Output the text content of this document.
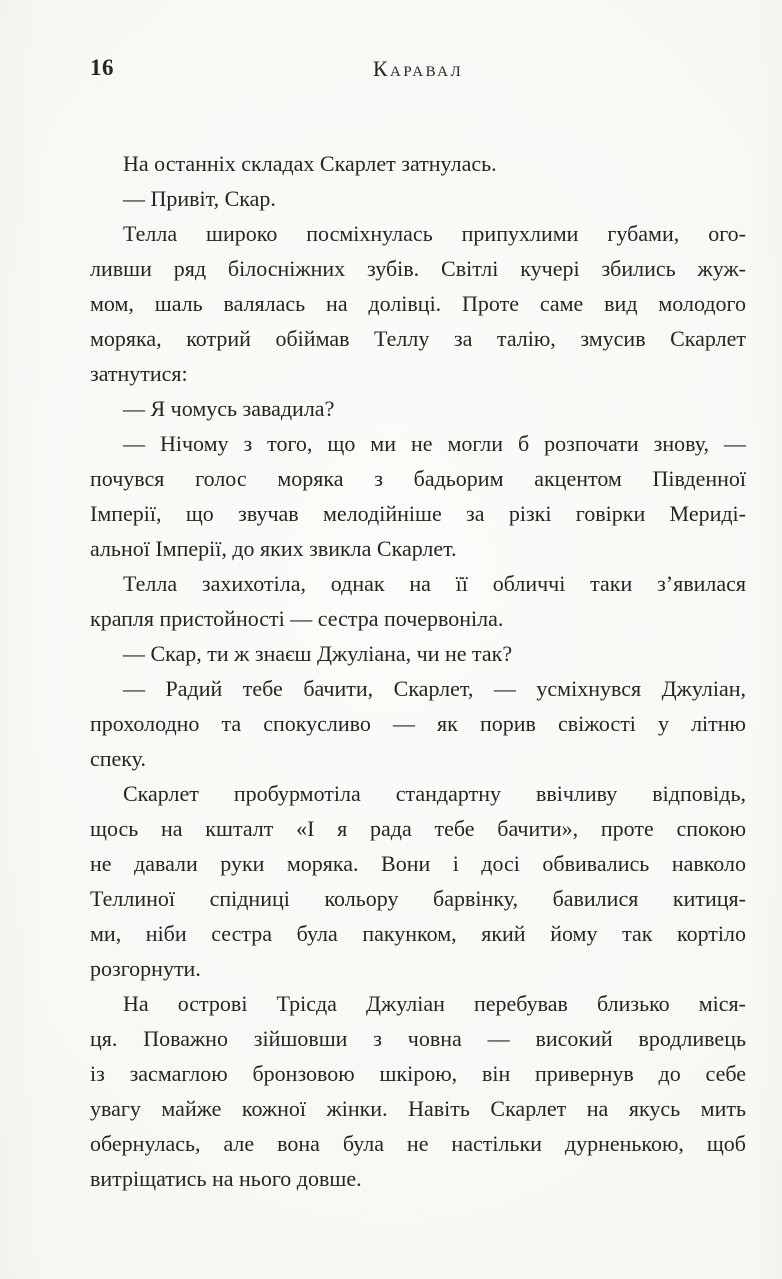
16	Каравал

На останніх складах Скарлет затнулась.

— Привіт, Скар.

Телла широко посміхнулась припухлими губами, ого-
ливши ряд білосніжних зубів. Світлі кучері збились жуж-
мом, шаль валялась на долівці. Проте саме вид молодого
моряка, котрий обіймав Теллу за талію, змусив Скарлет
затнутися:

— Я чомусь завадила?

— Нічому з того, що ми не могли б розпочати знову, —
почувся голос моряка з бадьорим акцентом Південної
Імперії, що звучав мелодійніше за різкі говірки Мериді-
альної Імперії, до яких звикла Скарлет.

Телла захихотіла, однак на її обличчі таки з’явилася
крапля пристойності — сестра почервоніла.

— Скар, ти ж знаєш Джуліана, чи не так?

— Радий тебе бачити, Скарлет, — усміхнувся Джуліан,
прохолодно та спокусливо — як порив свіжості у літню
спеку.

Скарлет пробурмотіла стандартну ввічливу відповідь,
щось на кшталт «І я рада тебе бачити», проте спокою
не давали руки моряка. Вони і досі обвивались навколо
Теллиної спідниці кольору барвінку, бавилися китиця-
ми, ніби сестра була пакунком, який йому так кортіло
розгорнути.

На острові Трісда Джуліан перебував близько міся-
ця. Поважно зійшовши з човна — високий вродливець
із засмаглою бронзовою шкірою, він привернув до себе
увагу майже кожної жінки. Навіть Скарлет на якусь мить
обернулась, але вона була не настільки дурненькою, щоб
витріщатись на нього довше.
